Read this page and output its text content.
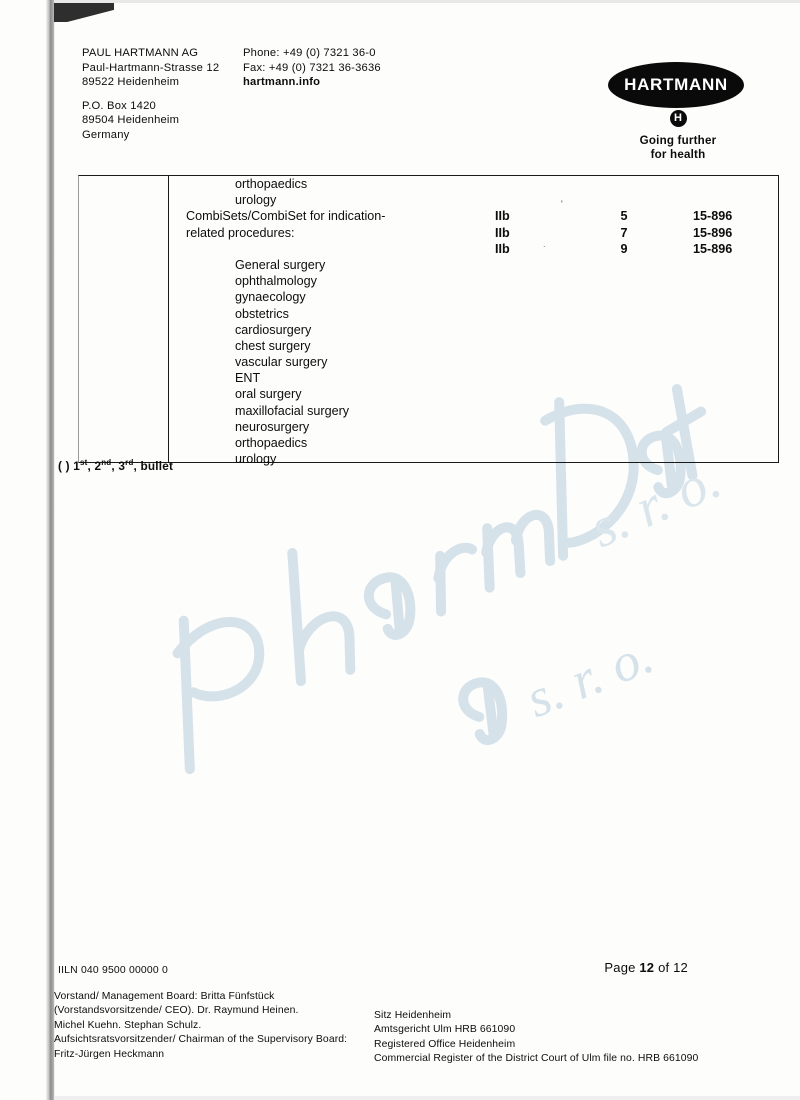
s. r. o.
s. r. o.
PAUL HARTMANN AG
Paul-Hartmann-Strasse 12
89522 Heidenheim
P.O. Box 1420
89504 Heidenheim
Germany
Phone: +49 (0) 7321 36-0
Fax: +49 (0) 7321 36-3636
hartmann.info	HARTMANN
H
Going further
for health
orthopaedics
urology
CombiSets/CombiSet for indication-	IIb	5	15-896
related procedures:	IIb	7	15-896
IIb	9	15-896
General surgery
ophthalmology
gynaecology
obstetrics
cardiosurgery
chest surgery
vascular surgery
ENT
oral surgery
maxillofacial surgery
neurosurgery
orthopaedics
urology
'
.
( ) 1st, 2nd, 3rd, bullet
Page 12 of 12
IILN 040 9500 00000 0
Vorstand/ Management Board: Britta Fünfstück
(Vorstandsvorsitzende/ CEO). Dr. Raymund Heinen.
Michel Kuehn. Stephan Schulz.
Aufsichtsratsvorsitzender/ Chairman of the Supervisory Board:
Fritz-Jürgen Heckmann
Sitz Heidenheim
Amtsgericht Ulm HRB 661090
Registered Office Heidenheim
Commercial Register of the District Court of Ulm file no. HRB 661090
